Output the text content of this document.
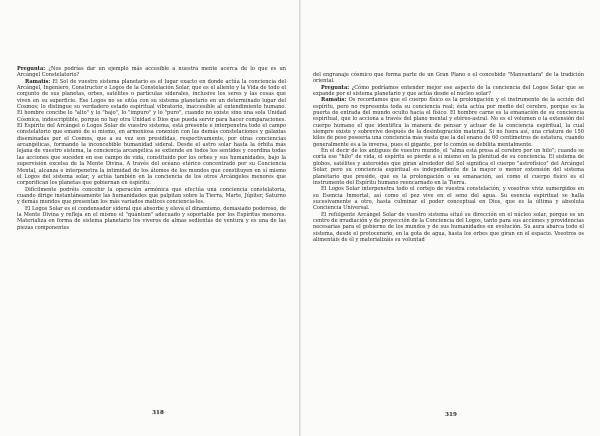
Pregunta: ¿Nos podrías dar un ejemplo más accesible a nuestra mente acerca de lo que es un Arcángel Constelatorio?

Ramatís: El Sol de vuestro sistema planetario es el lugar exacto en donde actúa la conciencia del Arcángel, Ingeniero, Constructor o Logos de la Constelación Solar, que es el aliento y la Vida de todo el conjunto de sus planetas, orbes, satélites o partículas siderales, inclusive los seres y las cosas que viven en su superficie. Ese Logos no se sitúa con su sistema planetario en un determinado lugar del Cosmos; lo distingue su verdadero estado espiritual vibratorio, inaccesible al entendimiento humano. El hombre concibe lo "alto" y lo "bajo", lo "impuro" y lo "puro", cuando no existe sino una sola Unidad Cósmica, indescriptible, porque no hay otra Unidad o Dios que pueda servir para hacer comparaciones. El Espíritu del Arcángel o Logos Solar de vuestro sistema, está presente e interpenetra todo el campo constelatorio que emanó de sí mismo, en armoniosa conexión con las demás constelaciones y galaxias diseminadas por el Cosmos, que a su vez son presididas, respectivamente, por otras conciencias arcangélicas, formando la inconcebible humanidad sideral. Desde el astro solar hasta la órbita más lejana de vuestro sistema, la conciencia arcangélica se extiende en todos los sentidos y coordina todas las acciones que suceden en ese campo de vida, constituido por los orbes y sus humanidades, bajo la supervisión excelsa de la Mente Divina. A través del océano etérico concentrado por su Conciencia Mental, alcanza e interpenetra la intimidad de los átomos de los mundos que constituyen en sí mismo el Logos del sistema solar, y actúa también en la conciencia de los otros Arcángeles menores que corporifican los planetas que gobiernan en espíritu.

Difícilmente podréis concebir la operación armónica que efectúa una conciencia constelatoria, cuando dirige instantáneamente las humanidades que palpitan sobre la Tierra, Marte, Júpiter, Saturno y demás mundos que presentan los más variados matices conciencia-les.

El Logos Solar es el condensador sideral que absorbe y eleva el dinamismo, demasiado poderoso, de la Mente Divina y refleja en el mismo el "quántum" adecuado y soportable por los Espíritus menores. Materializa en forma de sistema planetario los viveros de almas sedientas de ventura y es una de las piezas componentes

318

del engranaje cósmico que forma parte de un Gran Plano o el concebido "Manvantara" de la tradición oriental.

Pregunta: ¿Cómo podríamos entender mejor ese aspecto de la conciencia del Logos Solar que se expande por el sistema planetario y que actúa desde el núcleo solar?

Ramatís: Os recordamos que el cuerpo físico es la prolongación y el instrumento de la acción del espíritu, pero no representa toda su conciencia real; ésta actúa por medio del cerebro, porque es la puerta de entrada del mundo oculto hacia el físico. El hombre carne es la emanación de su conciencia espiritual, que lo acciona a través del plano mental y etéreo-astral. No es el volumen o la extensión del cuerpo humano el que identifica la manera de pensar y actuar de la conciencia espiritual, la cual siempre existe y sobrevive después de la desintegración material. Si no fuera así, una criatura de 150 kilos de peso poseería una conciencia más vasta que la del enano de 60 centímetros de estatura, cuando generalmente es a la inversa, pues el gigante, por lo común se debilita mentalmente.

En el decir de los antiguos de vuestro mundo, el "alma está presa al cerebro por un hilo"; cuando se corta ese "hilo" de vida, el espíritu se pierde a sí mismo en la plenitud de su conciencia. El sistema de globos, satélites y asteroides que giran alrededor del Sol significa el cuerpo "astrofísico" del Arcángel Solar, pero su conciencia espiritual es independiente de la mayor o menor extensión del sistema planetario que preside, que es la prolongación o su emanación, así como el cuerpo físico es el instrumento del Espíritu humano reencarnado en la Tierra.

El Logos Solar interpenetra todo el cortejo de vuestra constelación, y vosotros viviz sumergidos en su Esencia Inmortal, así como el pez vive en el seno del agua. Su esencia espiritual se halla sucesivamente a otro, hasta culminar el poder conceptual en Dios, que es la última y absoluta Conciencia Universal.

El refulgente Arcángel Solar de vuestro sistema situó su dirección en el núcleo solar, porque es un centro de irradiación y de proyección de la Conciencia del Logos, tanto para sus acciones y providencias necesarias para el gobierno de los mundos y de sus humanidades en evolución. Su aura abarca todo el sistema, desde el protocerario, en la gota de agua, hasta los orbes que giran en el espacio. Vosotros os alimentáis de él y materializáis su voluntad

319
